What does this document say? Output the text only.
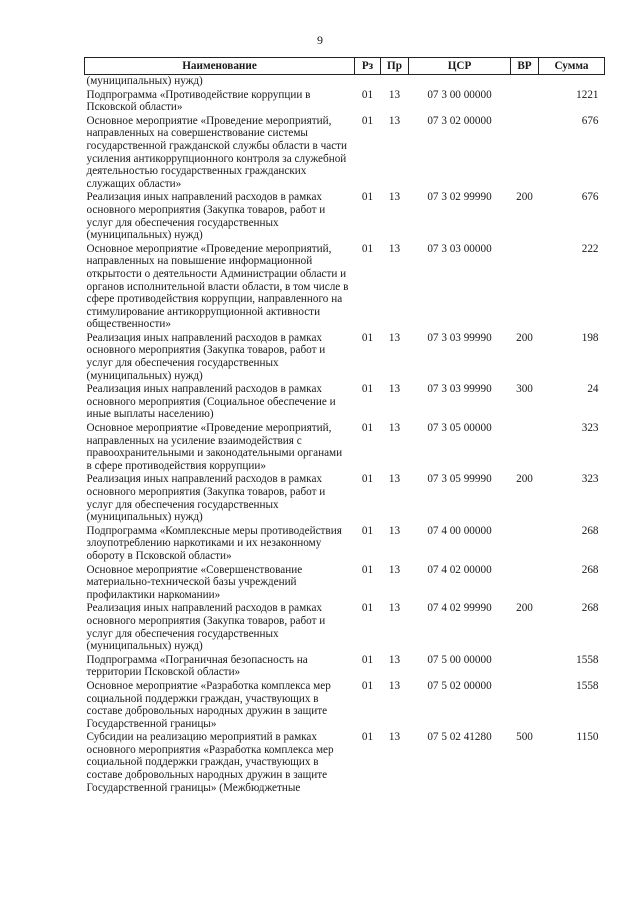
9
Наименование	Рз	Пр	ЦСР	ВР	Сумма
(муниципальных) нужд)					
Подпрограмма «Противодействие коррупции в Псковской области»	01	13	07 3 00 00000		1221
Основное мероприятие «Проведение мероприятий, направленных на совершенствование системы государственной гражданской службы области в части усиления антикоррупционного контроля за служебной деятельностью государственных гражданских служащих области»	01	13	07 3 02 00000		676
Реализация иных направлений расходов в рамках основного мероприятия (Закупка товаров, работ и услуг для обеспечения государственных (муниципальных) нужд)	01	13	07 3 02 99990	200	676
Основное мероприятие «Проведение мероприятий, направленных на повышение информационной открытости о деятельности Администрации области и органов исполнительной власти области, в том числе в сфере противодействия коррупции, направленного на стимулирование антикоррупционной активности общественности»	01	13	07 3 03 00000		222
Реализация иных направлений расходов в рамках основного мероприятия (Закупка товаров, работ и услуг для обеспечения государственных (муниципальных) нужд)	01	13	07 3 03 99990	200	198
Реализация иных направлений расходов в рамках основного мероприятия (Социальное обеспечение и иные выплаты населению)	01	13	07 3 03 99990	300	24
Основное мероприятие «Проведение мероприятий, направленных на усиление взаимодействия с правоохранительными и законодательными органами в сфере противодействия коррупции»	01	13	07 3 05 00000		323
Реализация иных направлений расходов в рамках основного мероприятия (Закупка товаров, работ и услуг для обеспечения государственных (муниципальных) нужд)	01	13	07 3 05 99990	200	323
Подпрограмма «Комплексные меры противодействия злоупотреблению наркотиками и их незаконному обороту в Псковской области»	01	13	07 4 00 00000		268
Основное мероприятие «Совершенствование материально-технической базы учреждений профилактики наркомании»	01	13	07 4 02 00000		268
Реализация иных направлений расходов в рамках основного мероприятия (Закупка товаров, работ и услуг для обеспечения государственных (муниципальных) нужд)	01	13	07 4 02 99990	200	268
Подпрограмма «Пограничная безопасность на территории Псковской области»	01	13	07 5 00 00000		1558
Основное мероприятие «Разработка комплекса мер социальной поддержки граждан, участвующих в составе добровольных народных дружин в защите Государственной границы»	01	13	07 5 02 00000		1558
Субсидии на реализацию мероприятий в рамках основного мероприятия «Разработка комплекса мер социальной поддержки граждан, участвующих в составе добровольных народных дружин в защите Государственной границы» (Межбюджетные	01	13	07 5 02 41280	500	1150
